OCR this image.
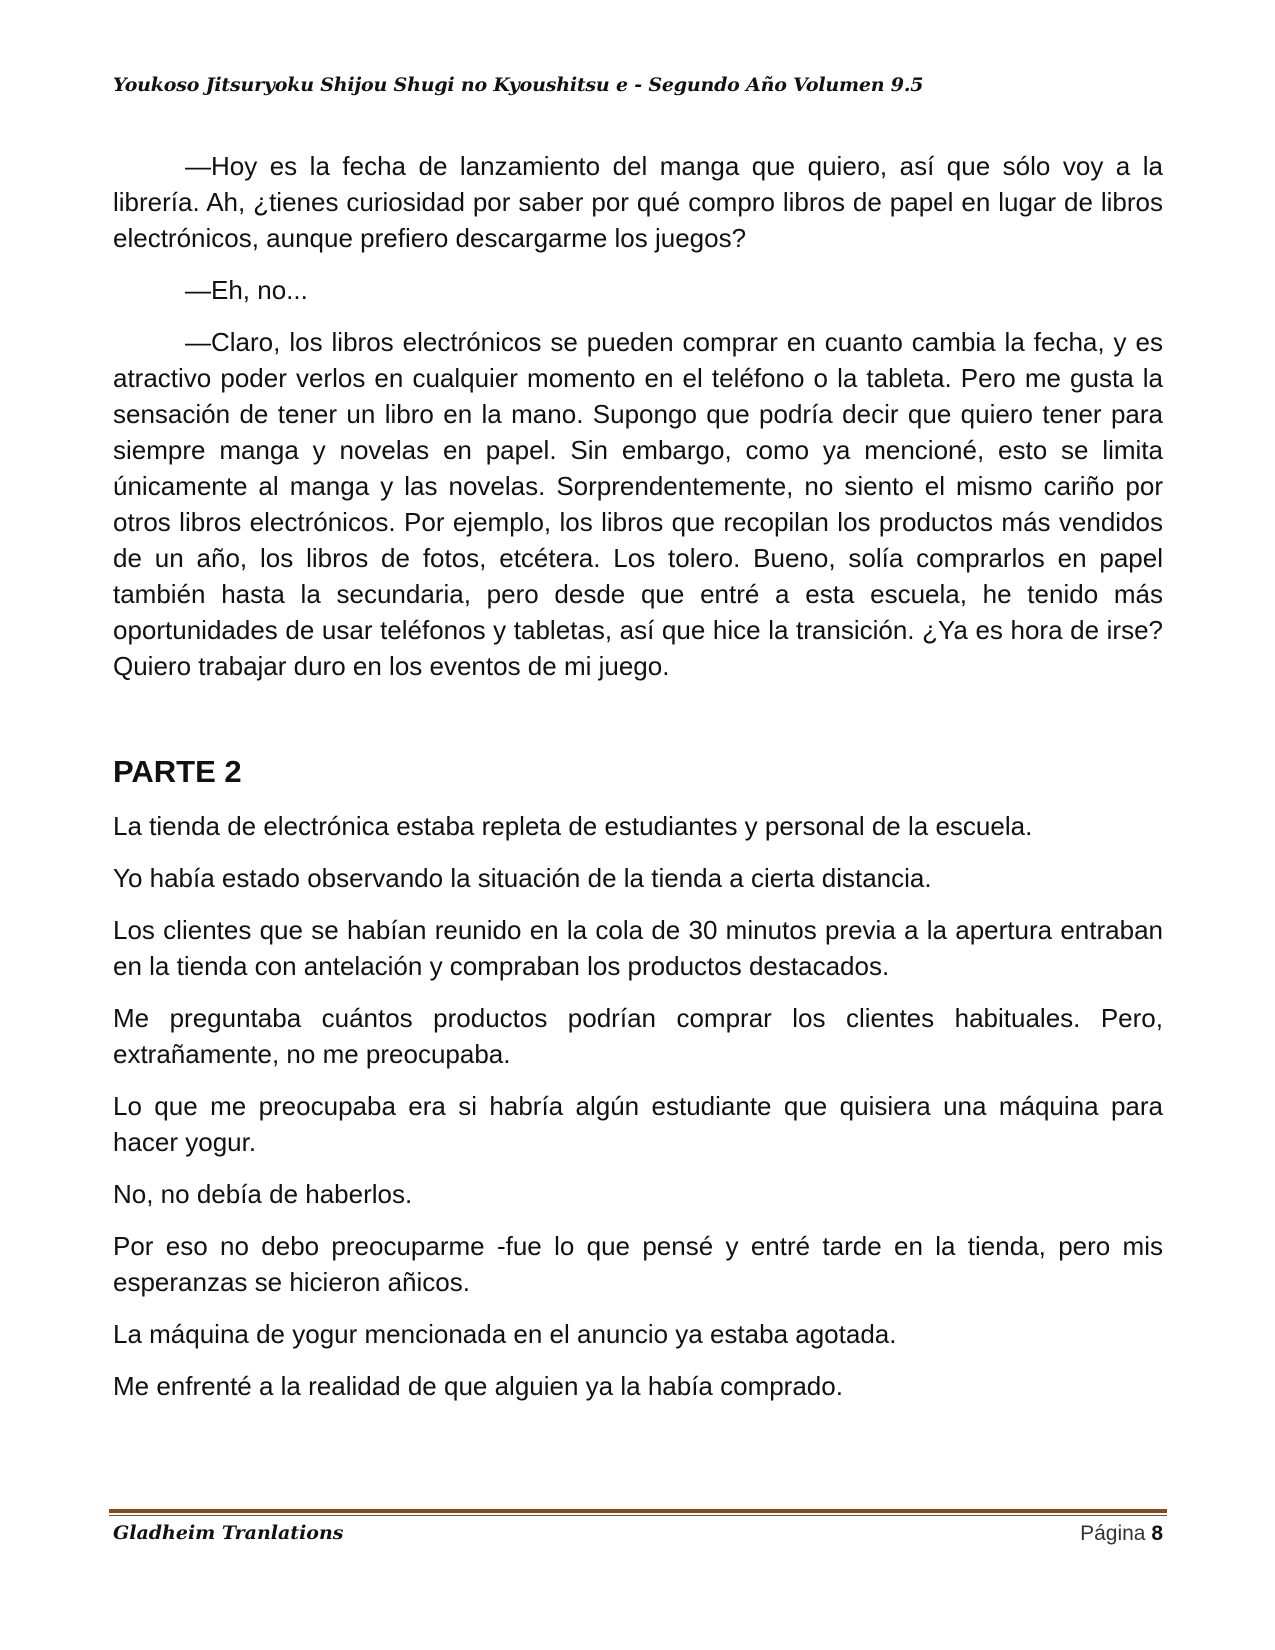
Youkoso Jitsuryoku Shijou Shugi no Kyoushitsu e - Segundo Año Volumen 9.5

—Hoy es la fecha de lanzamiento del manga que quiero, así que sólo voy a la librería. Ah, ¿tienes curiosidad por saber por qué compro libros de papel en lugar de libros electrónicos, aunque prefiero descargarme los juegos?

—Eh, no...

—Claro, los libros electrónicos se pueden comprar en cuanto cambia la fecha, y es atractivo poder verlos en cualquier momento en el teléfono o la tableta. Pero me gusta la sensación de tener un libro en la mano. Supongo que podría decir que quiero tener para siempre manga y novelas en papel. Sin embargo, como ya mencioné, esto se limita únicamente al manga y las novelas. Sorprendentemente, no siento el mismo cariño por otros libros electrónicos. Por ejemplo, los libros que recopilan los productos más vendidos de un año, los libros de fotos, etcétera. Los tolero. Bueno, solía comprarlos en papel también hasta la secundaria, pero desde que entré a esta escuela, he tenido más oportunidades de usar teléfonos y tabletas, así que hice la transición. ¿Ya es hora de irse? Quiero trabajar duro en los eventos de mi juego.

PARTE 2

La tienda de electrónica estaba repleta de estudiantes y personal de la escuela.

Yo había estado observando la situación de la tienda a cierta distancia.

Los clientes que se habían reunido en la cola de 30 minutos previa a la apertura entraban en la tienda con antelación y compraban los productos destacados.

Me preguntaba cuántos productos podrían comprar los clientes habituales. Pero, extrañamente, no me preocupaba.

Lo que me preocupaba era si habría algún estudiante que quisiera una máquina para hacer yogur.

No, no debía de haberlos.

Por eso no debo preocuparme -fue lo que pensé y entré tarde en la tienda, pero mis esperanzas se hicieron añicos.

La máquina de yogur mencionada en el anuncio ya estaba agotada.

Me enfrenté a la realidad de que alguien ya la había comprado.

Gladheim Tranlations	Página 8
